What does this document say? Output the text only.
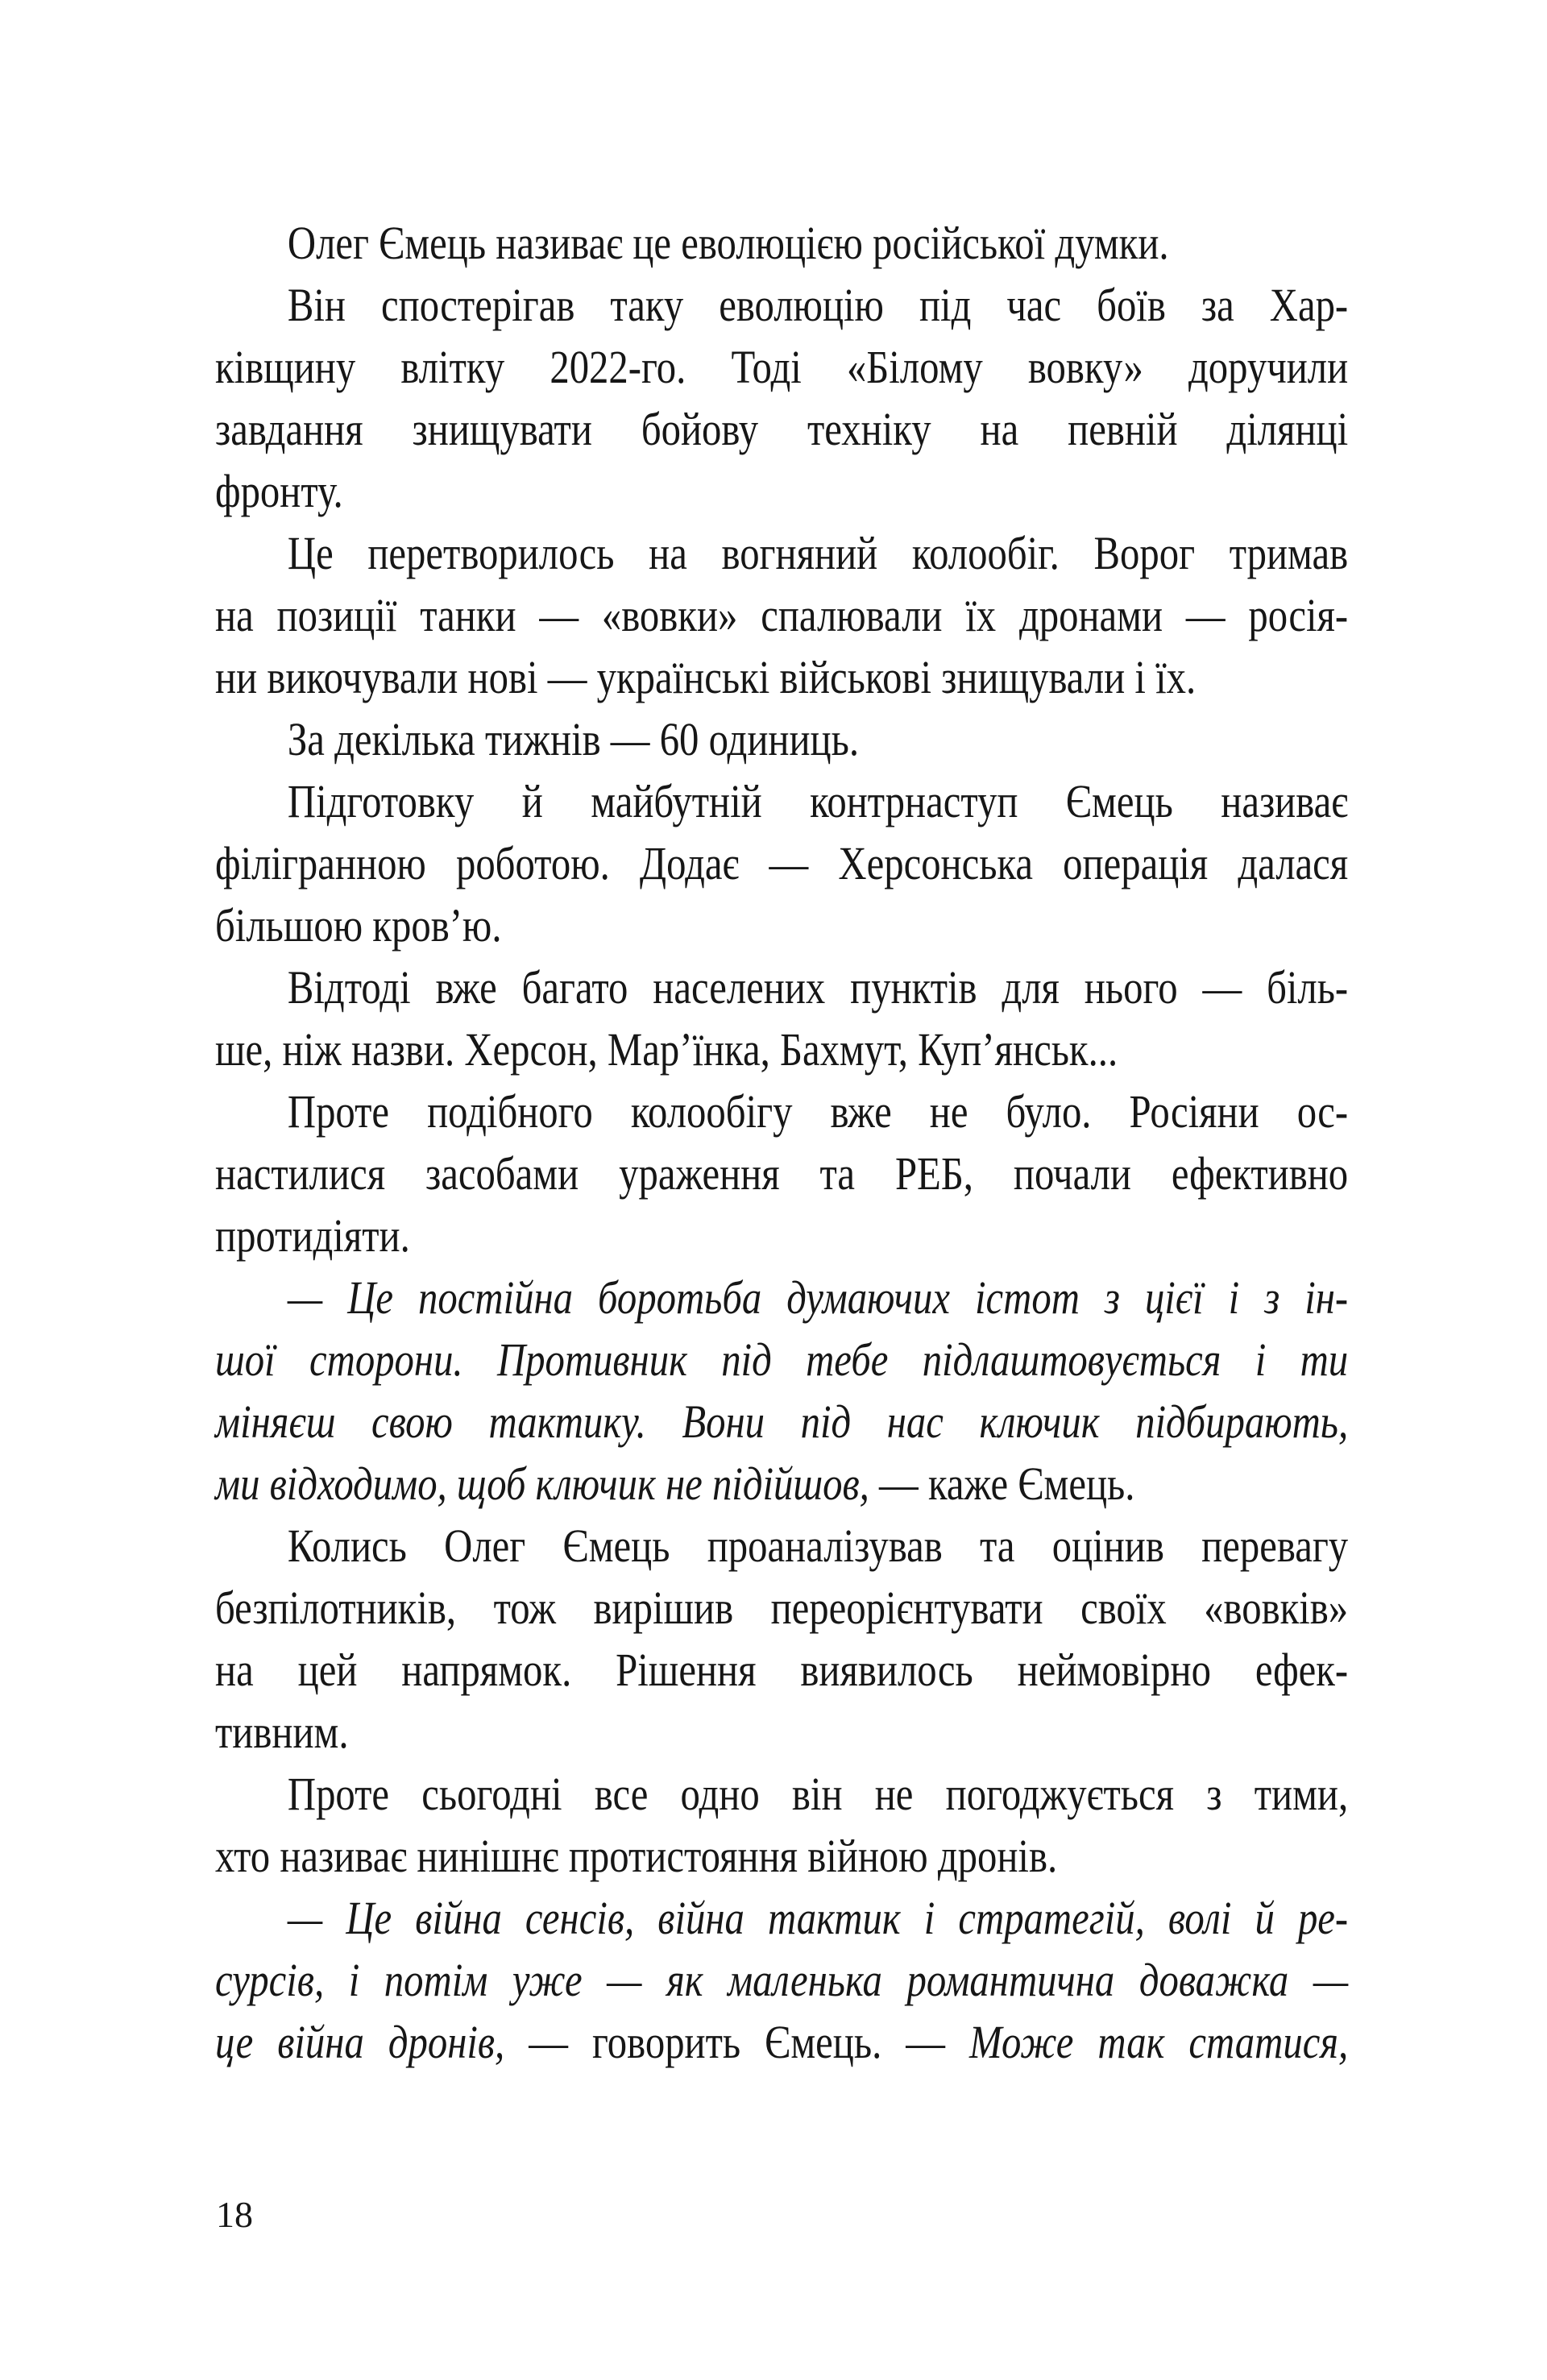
Олег Ємець називає це еволюцією російської думки.
Він спостерігав таку еволюцію під час боїв за Хар-
ківщину влітку 2022-го. Тоді «Білому вовку» доручили
завдання знищувати бойову техніку на певній ділянці
фронту.
Це перетворилось на вогняний колообіг. Ворог тримав
на позиції танки — «вовки» спалювали їх дронами — росія-
ни викочували нові — українські військові знищували і їх.
За декілька тижнів — 60 одиниць.
Підготовку й майбутній контрнаступ Ємець називає
філігранною роботою. Додає — Херсонська операція далася
більшою кров’ю.
Відтоді вже багато населених пунктів для нього — біль-
ше, ніж назви. Херсон, Мар’їнка, Бахмут, Куп’янськ...
Проте подібного колообігу вже не було. Росіяни ос-
настилися засобами ураження та РЕБ, почали ефективно
протидіяти.
— Це постійна боротьба думаючих істот з цієї і з ін-
шої сторони. Противник під тебе підлаштовується і ти
міняєш свою тактику. Вони під нас ключик підбирають,
ми відходимо, щоб ключик не підійшов, — каже Ємець.
Колись Олег Ємець проаналізував та оцінив перевагу
безпілотників, тож вирішив переорієнтувати своїх «вовків»
на цей напрямок. Рішення виявилось неймовірно ефек-
тивним.
Проте сьогодні все одно він не погоджується з тими,
хто називає нинішнє протистояння війною дронів.
— Це війна сенсів, війна тактик і стратегій, волі й ре-
сурсів, і потім уже — як маленька романтична доважка —
це війна дронів, — говорить Ємець. — Може так статися,
18
